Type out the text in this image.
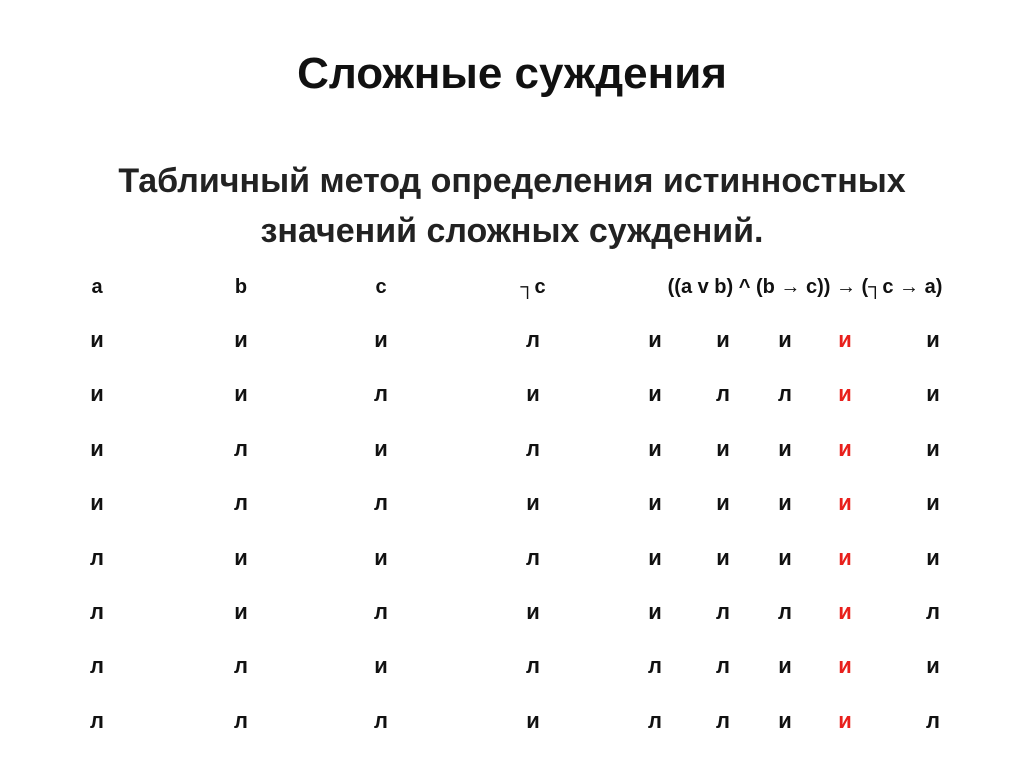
Сложные суждения
Табличный метод определения истинностных
значений сложных суждений.
a	b	c	┐c	((a v b) ^ (b → c)) → (┐c → a)
и	и	и	л	и и и и	и
и	и	л	и	и л л и	и
и	л	и	л	и и и и	и
и	л	л	и	и и и и	и
л	и	и	л	и и и и	и
л	и	л	и	и л л и	л
л	л	и	л	л л и и	и
л	л	л	и	л л и и	л
